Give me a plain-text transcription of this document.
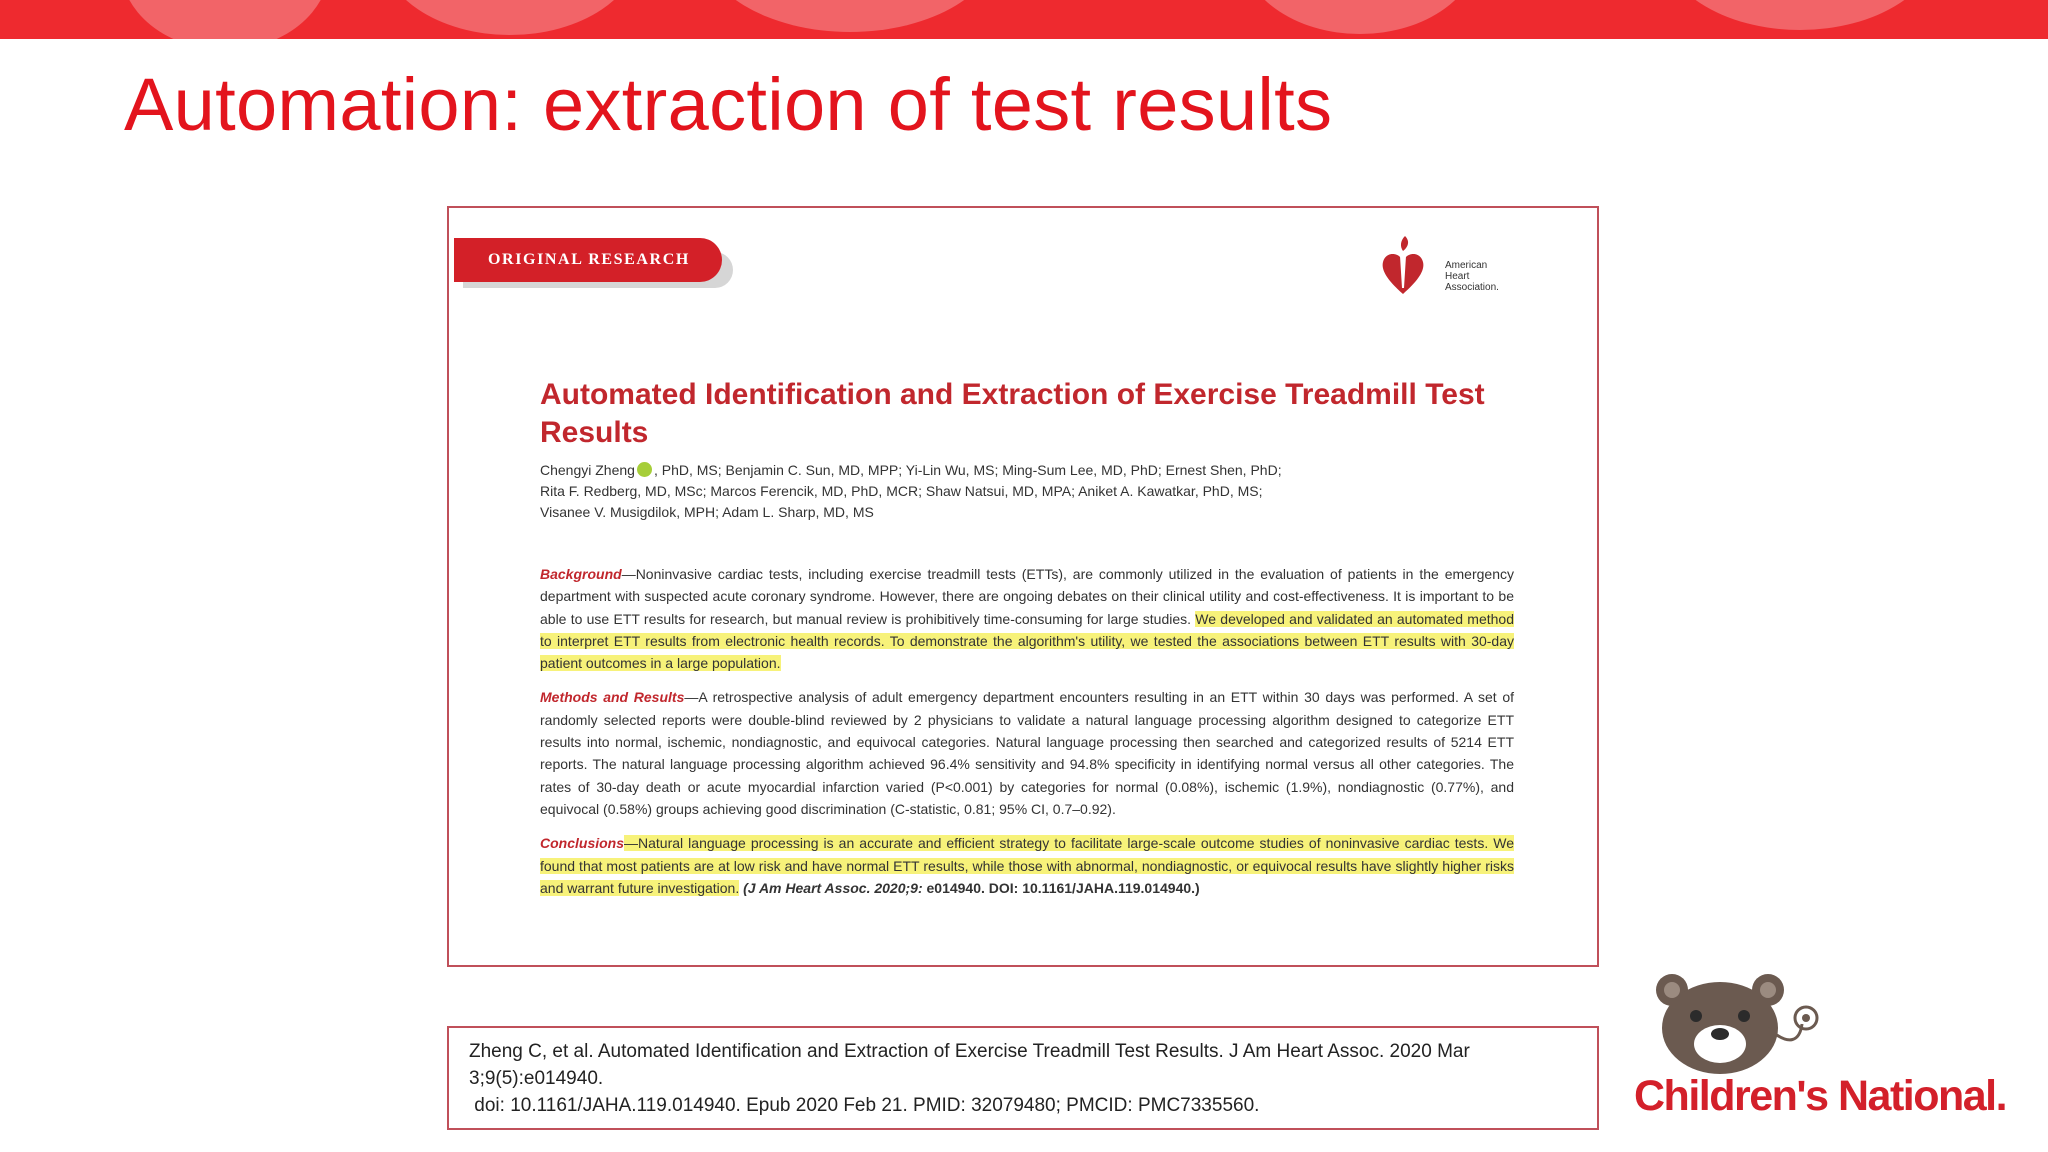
Automation: extraction of test results
ORIGINAL RESEARCH	American
Heart
Association.
Automated Identification and Extraction of Exercise Treadmill Test Results
Chengyi Zheng , PhD, MS; Benjamin C. Sun, MD, MPP; Yi-Lin Wu, MS; Ming-Sum Lee, MD, PhD; Ernest Shen, PhD;
Rita F. Redberg, MD, MSc; Marcos Ferencik, MD, PhD, MCR; Shaw Natsui, MD, MPA; Aniket A. Kawatkar, PhD, MS;
Visanee V. Musigdilok, MPH; Adam L. Sharp, MD, MS

Background—Noninvasive cardiac tests, including exercise treadmill tests (ETTs), are commonly utilized in the evaluation of patients in the emergency department with suspected acute coronary syndrome. However, there are ongoing debates on their clinical utility and cost-effectiveness. It is important to be able to use ETT results for research, but manual review is prohibitively time-consuming for large studies. We developed and validated an automated method to interpret ETT results from electronic health records. To demonstrate the algorithm's utility, we tested the associations between ETT results with 30-day patient outcomes in a large population.

Methods and Results—A retrospective analysis of adult emergency department encounters resulting in an ETT within 30 days was performed. A set of randomly selected reports were double-blind reviewed by 2 physicians to validate a natural language processing algorithm designed to categorize ETT results into normal, ischemic, nondiagnostic, and equivocal categories. Natural language processing then searched and categorized results of 5214 ETT reports. The natural language processing algorithm achieved 96.4% sensitivity and 94.8% specificity in identifying normal versus all other categories. The rates of 30-day death or acute myocardial infarction varied (P<0.001) by categories for normal (0.08%), ischemic (1.9%), nondiagnostic (0.77%), and equivocal (0.58%) groups achieving good discrimination (C-statistic, 0.81; 95% CI, 0.7–0.92).

Conclusions—Natural language processing is an accurate and efficient strategy to facilitate large-scale outcome studies of noninvasive cardiac tests. We found that most patients are at low risk and have normal ETT results, while those with abnormal, nondiagnostic, or equivocal results have slightly higher risks and warrant future investigation. (J Am Heart Assoc. 2020;9: e014940. DOI: 10.1161/JAHA.119.014940.)

Zheng C, et al. Automated Identification and Extraction of Exercise Treadmill Test Results. J Am Heart Assoc. 2020 Mar
3;9(5):e014940.
doi: 10.1161/JAHA.119.014940. Epub 2020 Feb 21. PMID: 32079480; PMCID: PMC7335560.	Children's National.
